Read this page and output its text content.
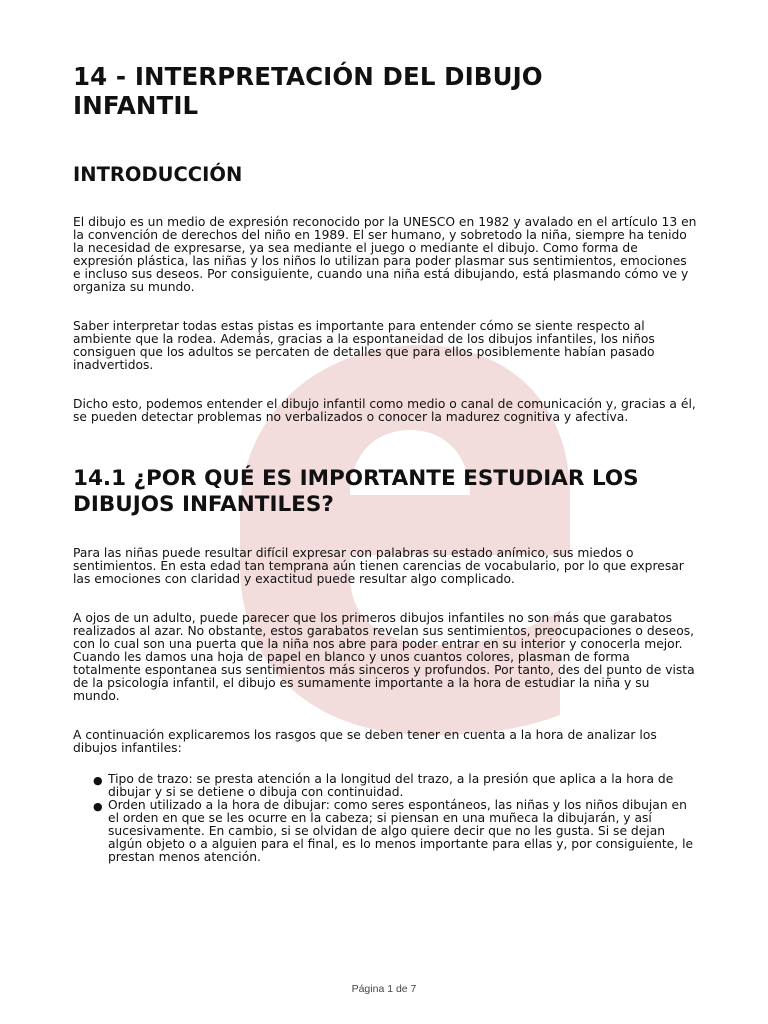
14 - INTERPRETACIÓN DEL DIBUJO INFANTIL
INTRODUCCIÓN

El dibujo es un medio de expresión reconocido por la UNESCO en 1982 y avalado en el artículo 13 en la convención de derechos del niño en 1989. El ser humano, y sobretodo la niña, siempre ha tenido la necesidad de expresarse, ya sea mediante el juego o mediante el dibujo. Como forma de expresión plástica, las niñas y los niños lo utilizan para poder plasmar sus sentimientos, emociones e incluso sus deseos. Por consiguiente, cuando una niña está dibujando, está plasmando cómo ve y organiza su mundo.

Saber interpretar todas estas pistas es importante para entender cómo se siente respecto al ambiente que la rodea. Además, gracias a la espontaneidad de los dibujos infantiles, los niños consiguen que los adultos se percaten de detalles que para ellos posiblemente habían pasado inadvertidos.

Dicho esto, podemos entender el dibujo infantil como medio o canal de comunicación y, gracias a él, se pueden detectar problemas no verbalizados o conocer la madurez cognitiva y afectiva.

14.1 ¿POR QUÉ ES IMPORTANTE ESTUDIAR LOS DIBUJOS INFANTILES?

Para las niñas puede resultar difícil expresar con palabras su estado anímico, sus miedos o sentimientos. En esta edad tan temprana aún tienen carencias de vocabulario, por lo que expresar las emociones con claridad y exactitud puede resultar algo complicado.

A ojos de un adulto, puede parecer que los primeros dibujos infantiles no son más que garabatos realizados al azar. No obstante, estos garabatos revelan sus sentimientos, preocupaciones o deseos, con lo cual son una puerta que la niña nos abre para poder entrar en su interior y conocerla mejor. Cuando les damos una hoja de papel en blanco y unos cuantos colores, plasman de forma totalmente espontanea sus sentimientos más sinceros y profundos. Por tanto, des del punto de vista de la psicología infantil, el dibujo es sumamente importante a la hora de estudiar la niña y su mundo.

A continuación explicaremos los rasgos que se deben tener en cuenta a la hora de analizar los dibujos infantiles:

● Tipo de trazo: se presta atención a la longitud del trazo, a la presión que aplica a la hora de dibujar y si se detiene o dibuja con continuidad.
● Orden utilizado a la hora de dibujar: como seres espontáneos, las niñas y los niños dibujan en el orden en que se les ocurre en la cabeza; si piensan en una muñeca la dibujarán, y así sucesivamente. En cambio, si se olvidan de algo quiere decir que no les gusta. Si se dejan algún objeto o a alguien para el final, es lo menos importante para ellas y, por consiguiente, le prestan menos atención.
Página 1 de 7
